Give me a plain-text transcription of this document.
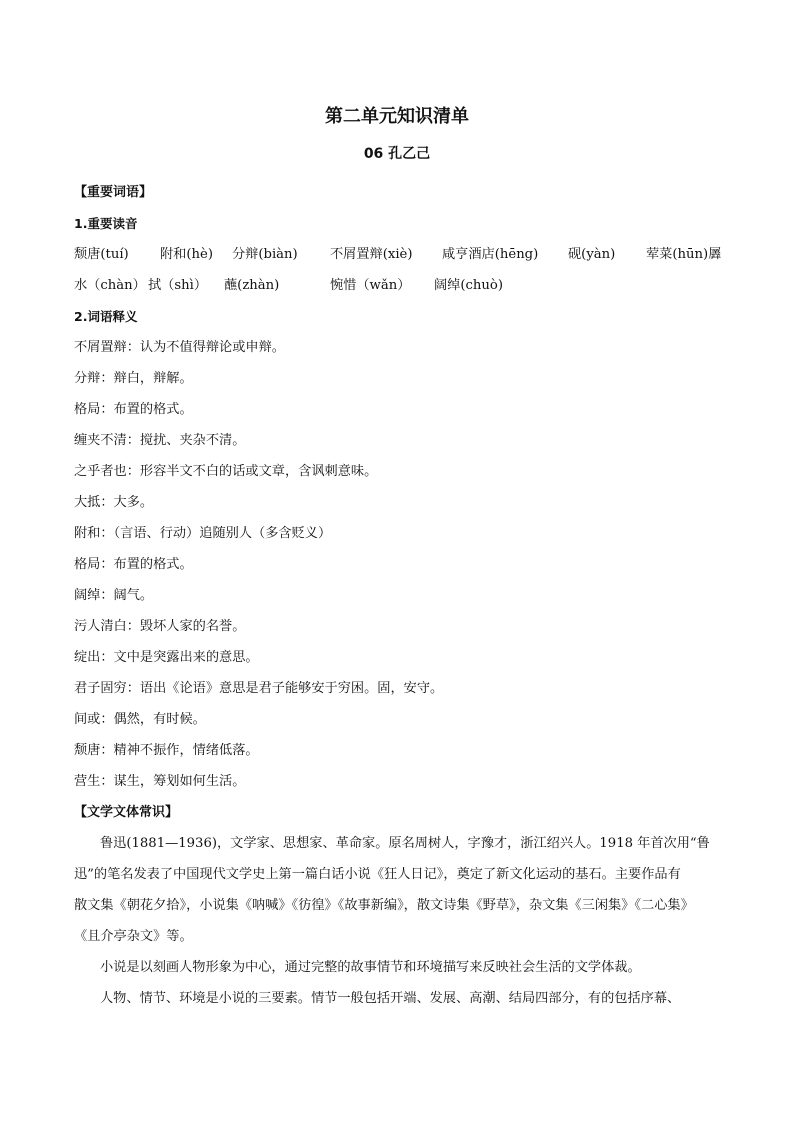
第二单元知识清单
06 孔乙己
【重要词语】
1.重要读音
颓唐(tuí) 附和(hè) 分辩(biàn) 不屑置辩(xiè) 咸亨酒店(hēng) 砚(yàn) 荤菜(hūn)羼
水（chàn） 拭（shì） 蘸(zhàn)	惋惜（wǎn） 阔绰(chuò)
2.词语释义
不屑置辩：认为不值得辩论或申辩。
分辩：辩白，辩解。
格局：布置的格式。
缠夹不清：搅扰、夹杂不清。
之乎者也：形容半文不白的话或文章，含讽刺意味。
大抵：大多。
附和：（言语、行动）追随别人（多含贬义）
格局：布置的格式。
阔绰：阔气。
污人清白：毁坏人家的名誉。
绽出：文中是突露出来的意思。
君子固穷：语出《论语》意思是君子能够安于穷困。固，安守。
间或：偶然，有时候。
颓唐：精神不振作，情绪低落。
营生：谋生，筹划如何生活。
【文学文体常识】
鲁迅(1881—1936)，文学家、思想家、革命家。原名周树人，字豫才，浙江绍兴人。1918 年首次用“鲁
迅”的笔名发表了中国现代文学史上第一篇白话小说《狂人日记》，奠定了新文化运动的基石。主要作品有
散文集《朝花夕拾》，小说集《呐喊》《彷徨》《故事新编》，散文诗集《野草》，杂文集《三闲集》《二心集》
《且介亭杂文》等。
小说是以刻画人物形象为中心，通过完整的故事情节和环境描写来反映社会生活的文学体裁。
人物、情节、环境是小说的三要素。情节一般包括开端、发展、高潮、结局四部分，有的包括序幕、
